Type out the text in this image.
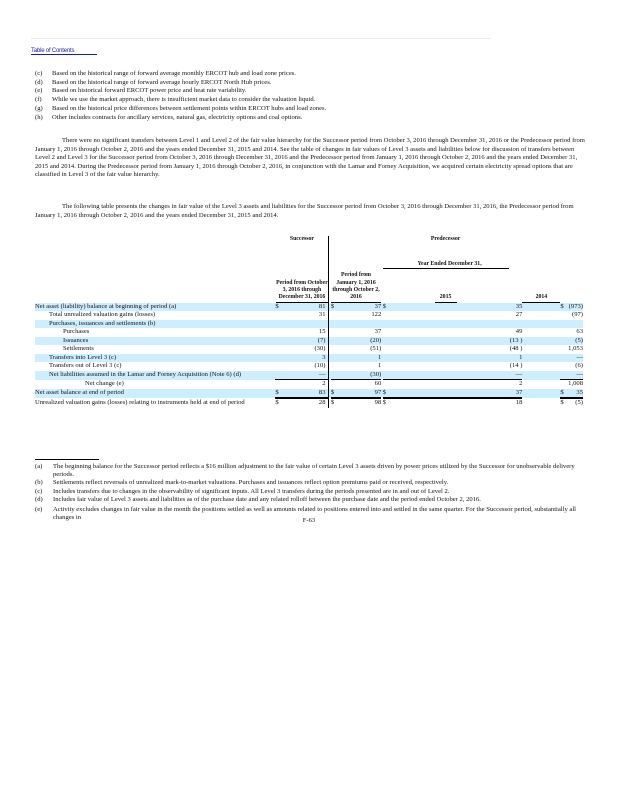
Table of Contents
(c)	Based on the historical range of forward average monthly ERCOT hub and load zone prices.
(d)	Based on the historical range of forward average hourly ERCOT North Hub prices.
(e)	Based on historical forward ERCOT power price and heat rate variability.
(f)	While we use the market approach, there is insufficient market data to consider the valuation liquid.
(g)	Based on the historical price differences between settlement points within ERCOT hubs and load zones.
(h)	Other includes contracts for ancillary services, natural gas, electricity options and coal options.

There were no significant transfers between Level 1 and Level 2 of the fair value hierarchy for the Successor period from October 3, 2016 through December 31, 2016 or the Predecessor period from January 1, 2016 through October 2, 2016 and the years ended December 31, 2015 and 2014. See the table of changes in fair values of Level 3 assets and liabilities below for discussion of transfers between Level 2 and Level 3 for the Successor period from October 3, 2016 through December 31, 2016 and the Predecessor period from January 1, 2016 through October 2, 2016 and the years ended December 31, 2015 and 2014. During the Predecessor period from January 1, 2016 through October 2, 2016, in conjunction with the Lamar and Forney Acquisition, we acquired certain electricity spread options that are classified in Level 3 of the fair value hierarchy.

The following table presents the changes in fair value of the Level 3 assets and liabilities for the Successor period from October 3, 2016 through December 31, 2016, the Predecessor period from January 1, 2016 through October 2, 2016 and the years ended December 31, 2015 and 2014.

	Successor			Predecessor							

	Period from October 3, 2016 through December 31, 2016			Period from January 1, 2016 through October 2, 2016			Year Ended December 31,
2015		2014		

Net asset (liability) balance at beginning of period (a)	$	81		$	37		$	35		$	(973)
Total unrealized valuation gains (losses)		31			122			27			(97)
Purchases, issuances and settlements (b)											
Purchases		15			37			49			63
Issuances		(7)			(20)			(13 )			(5)
Settlements		(30)			(51)			(48 )			1,053
Transfers into Level 3 (c)		3			1			1			—
Transfers out of Level 3 (c)		(10)			1			(14 )			(6)
Net liabilities assumed in the Lamar and Forney Acquisition (Note 6) (d)		—			(30)			—			—
Net change (e)		2			60			2			1,008
Net asset balance at end of period	$	83		$	97		$	37		$	35
Unrealized valuation gains (losses) relating to instruments held at end of period	$	28		$	98		$	18		$	(5)
(a)	The beginning balance for the Successor period reflects a $16 million adjustment to the fair value of certain Level 3 assets driven by power prices utilized by the Successor for unobservable delivery periods.
(b)	Settlements reflect reversals of unrealized mark-to-market valuations. Purchases and issuances reflect option premiums paid or received, respectively.
(c)	Includes transfers due to changes in the observability of significant inputs. All Level 3 transfers during the periods presented are in and out of Level 2.
(d)	Includes fair value of Level 3 assets and liabilities as of the purchase date and any related rolloff between the purchase date and the period ended October 2, 2016.
(e)	Activity excludes changes in fair value in the month the positions settled as well as amounts related to positions entered into and settled in the same quarter. For the Successor period, substantially all changes in	F-63
